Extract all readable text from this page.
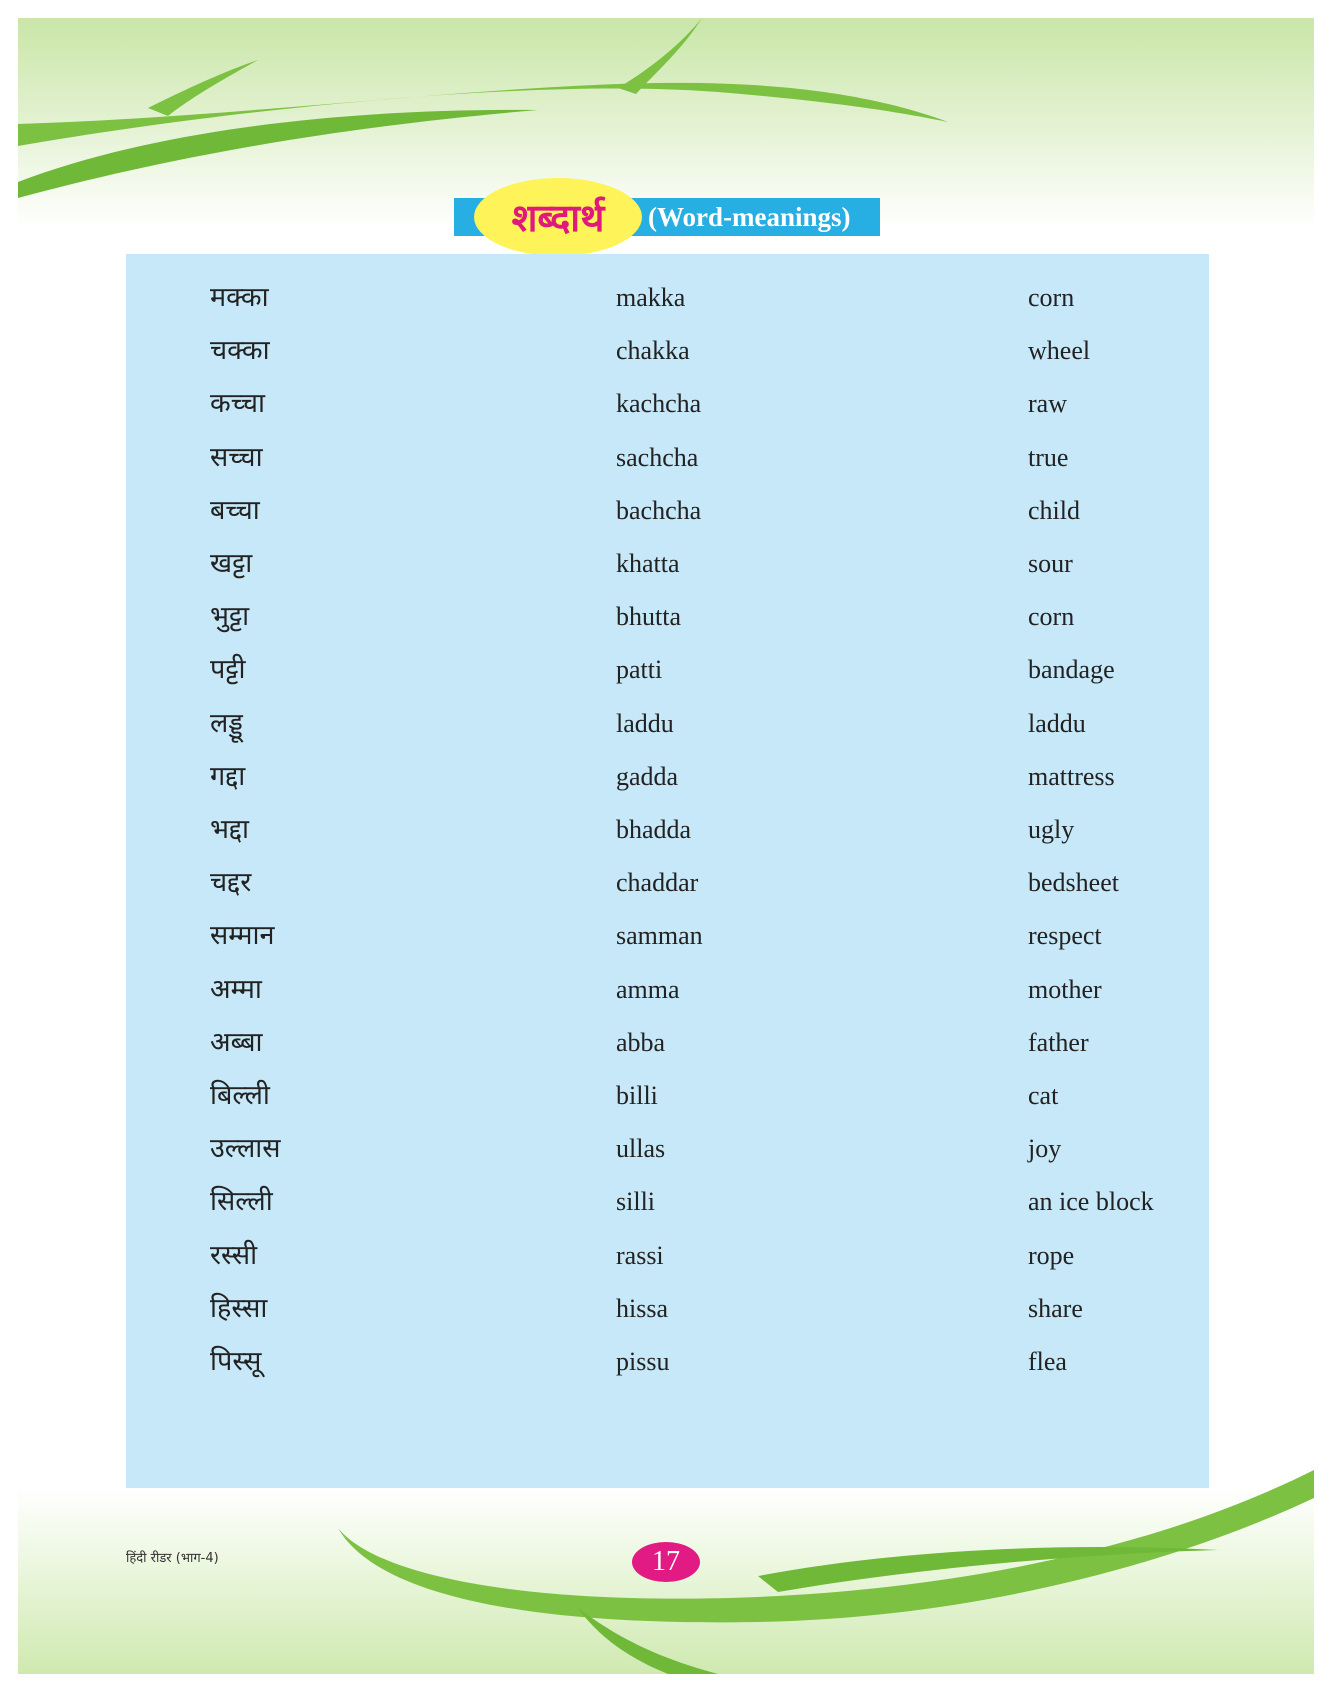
शब्दार्थ	(Word-meanings)
मक्का	makka	corn
चक्का	chakka	wheel
कच्चा	kachcha	raw
सच्चा	sachcha	true
बच्चा	bachcha	child
खट्टा	khatta	sour
भुट्टा	bhutta	corn
पट्टी	patti	bandage
लड्डू	laddu	laddu
गद्दा	gadda	mattress
भद्दा	bhadda	ugly
चद्दर	chaddar	bedsheet
सम्मान	samman	respect
अम्मा	amma	mother
अब्बा	abba	father
बिल्ली	billi	cat
उल्लास	ullas	joy
सिल्ली	silli	an ice block
रस्सी	rassi	rope
हिस्सा	hissa	share
पिस्सू	pissu	flea
हिंदी रीडर (भाग-4)	17
